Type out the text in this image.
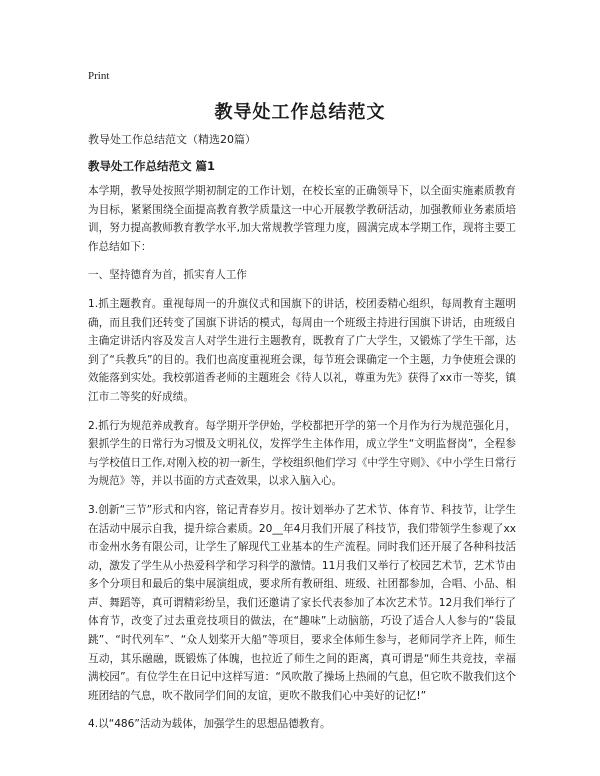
Print
教导处工作总结范文
教导处工作总结范文（精选20篇）
教导处工作总结范文 篇1

本学期，教导处按照学期初制定的工作计划，在校长室的正确领导下，以全面实施素质教育为目标，紧紧围绕全面提高教育教学质量这一中心开展教学教研活动，加强教师业务素质培训，努力提高教师教育教学水平,加大常规教学管理力度，圆满完成本学期工作，现将主要工作总结如下：

一、坚持德育为首，抓实育人工作

1.抓主题教育。重视每周一的升旗仪式和国旗下的讲话，校团委精心组织，每周教育主题明确，而且我们还转变了国旗下讲话的模式，每周由一个班级主持进行国旗下讲话，由班级自主确定讲话内容及发言人对学生进行主题教育，既教育了广大学生，又锻炼了学生干部，达到了“兵教兵”的目的。我们也高度重视班会课，每节班会课确定一个主题，力争使班会课的效能落到实处。我校郭道香老师的主题班会《待人以礼，尊重为先》获得了xx市一等奖，镇江市二等奖的好成绩。

2.抓行为规范养成教育。每学期开学伊始，学校都把开学的第一个月作为行为规范强化月，狠抓学生的日常行为习惯及文明礼仪，发挥学生主体作用，成立学生“文明监督岗”，全程参与学校值日工作,对刚入校的初一新生，学校组织他们学习《中学生守则》、《中小学生日常行为规范》等，并以书面的方式查效果，以求入脑入心。

3.创新“三节”形式和内容，铭记青春岁月。按计划举办了艺术节、体育节、科技节，让学生在活动中展示自我，提升综合素质。20__年4月我们开展了科技节，我们带领学生参观了xx市金州水务有限公司，让学生了解现代工业基本的生产流程。同时我们还开展了各种科技活动，激发了学生从小热爱科学和学习科学的激情。11月我们又举行了校园艺术节，艺术节由多个分项目和最后的集中展演组成，要求所有教研组、班级、社团都参加，合唱、小品、相声、舞蹈等，真可谓精彩纷呈，我们还邀请了家长代表参加了本次艺术节。12月我们举行了体育节，改变了过去重竞技项目的做法，在“趣味”上动脑筋，巧设了适合人人参与的“袋鼠跳”、“时代列车”、“众人划桨开大船”等项目，要求全体师生参与，老师同学齐上阵，师生互动，其乐融融，既锻炼了体魄，也拉近了师生之间的距离，真可谓是“师生共竞技，幸福满校园”。有位学生在日记中这样写道：“风吹散了操场上热闹的气息，但它吹不散我们这个班团结的气息，吹不散同学们间的友谊，更吹不散我们心中美好的记忆!”

4.以“486”活动为载体，加强学生的思想品德教育。
